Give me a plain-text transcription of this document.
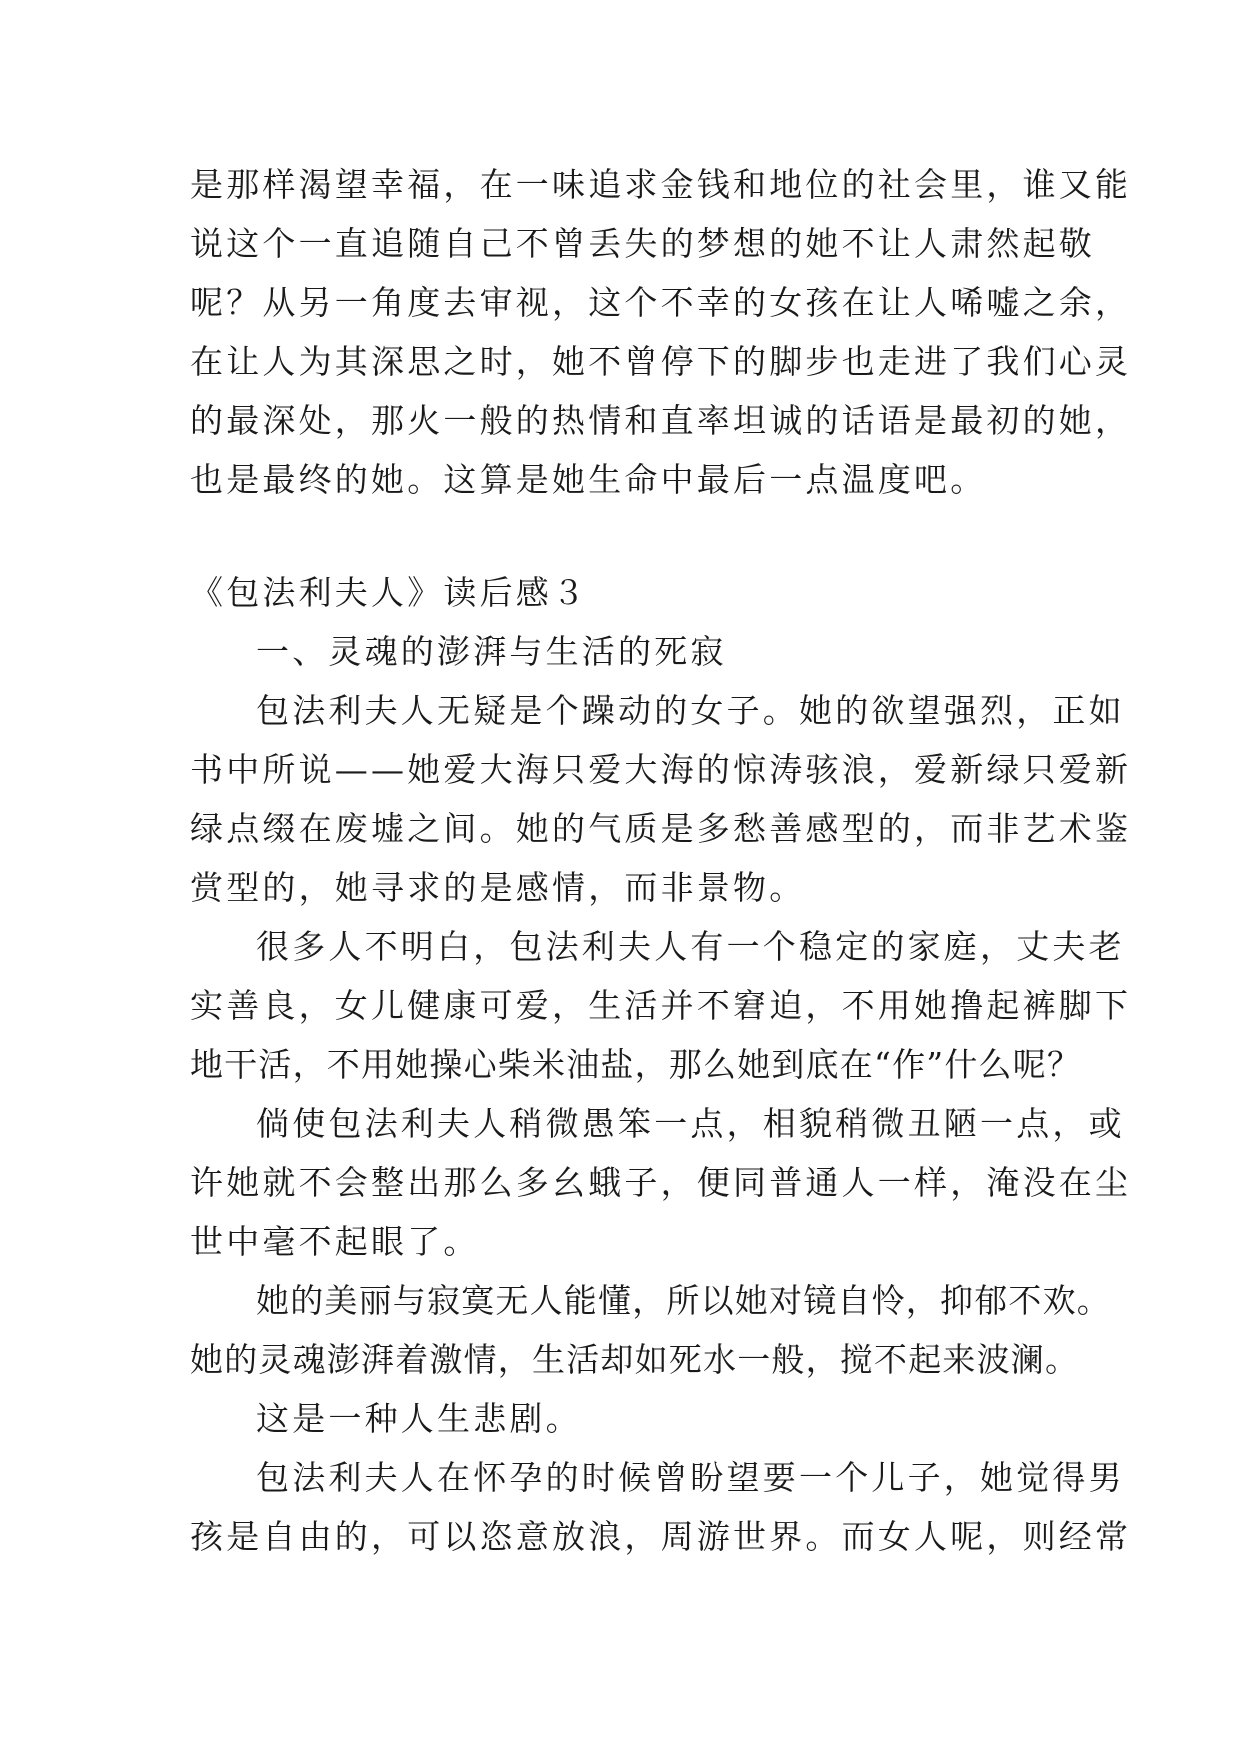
是那样渴望幸福，在一味追求金钱和地位的社会里，谁又能
说这个一直追随自己不曾丢失的梦想的她不让人肃然起敬
呢？从另一角度去审视，这个不幸的女孩在让人唏嘘之余，
在让人为其深思之时，她不曾停下的脚步也走进了我们心灵
的最深处，那火一般的热情和直率坦诚的话语是最初的她，
也是最终的她。这算是她生命中最后一点温度吧。
《包法利夫人》读后感３
一、灵魂的澎湃与生活的死寂
包法利夫人无疑是个躁动的女子。她的欲望强烈，正如
书中所说——她爱大海只爱大海的惊涛骇浪，爱新绿只爱新
绿点缀在废墟之间。她的气质是多愁善感型的，而非艺术鉴
赏型的，她寻求的是感情，而非景物。
很多人不明白，包法利夫人有一个稳定的家庭，丈夫老
实善良，女儿健康可爱，生活并不窘迫，不用她撸起裤脚下
地干活，不用她操心柴米油盐，那么她到底在“作”什么呢？
倘使包法利夫人稍微愚笨一点，相貌稍微丑陋一点，或
许她就不会整出那么多幺蛾子，便同普通人一样，淹没在尘
世中毫不起眼了。
她的美丽与寂寞无人能懂，所以她对镜自怜，抑郁不欢。
她的灵魂澎湃着激情，生活却如死水一般，搅不起来波澜。
这是一种人生悲剧。
包法利夫人在怀孕的时候曾盼望要一个儿子，她觉得男
孩是自由的，可以恣意放浪，周游世界。而女人呢，则经常
